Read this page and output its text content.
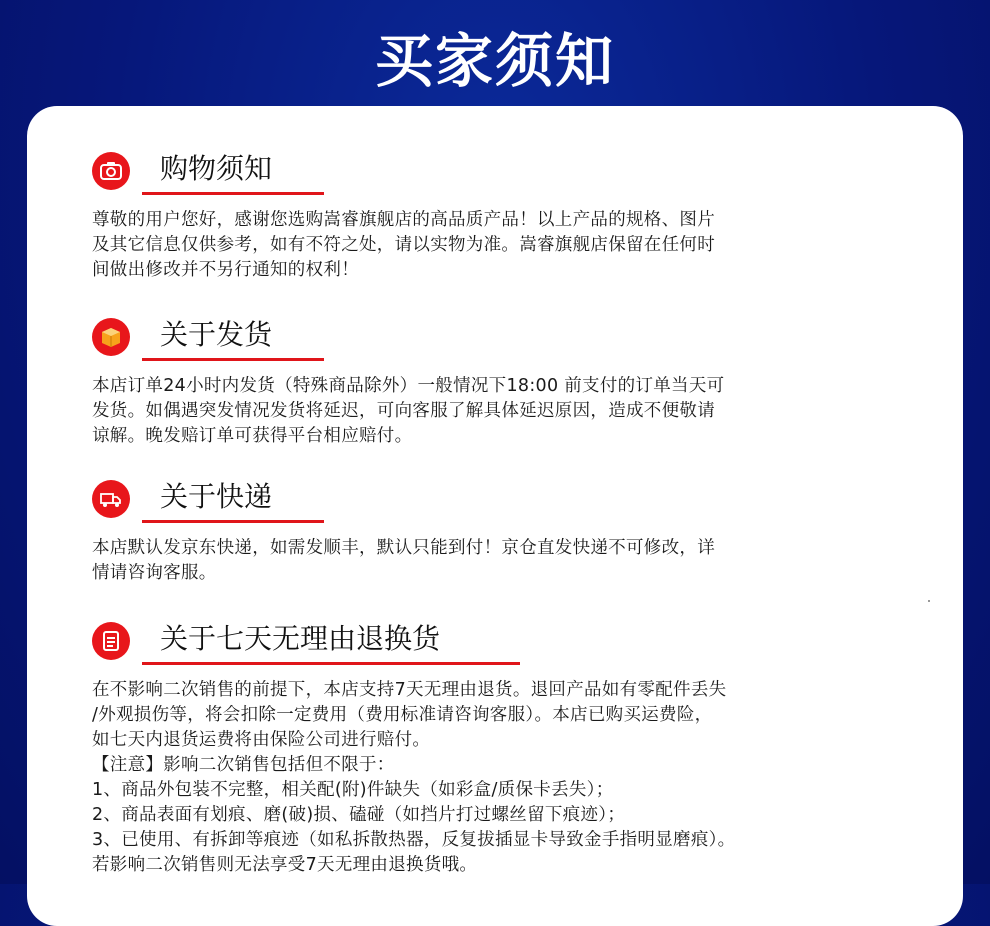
买家须知
购物须知

尊敬的用户您好，感谢您选购嵩睿旗舰店的高品质产品！以上产品的规格、图片

及其它信息仅供参考，如有不符之处，请以实物为准。嵩睿旗舰店保留在任何时

间做出修改并不另行通知的权利！

关于发货

本店订单24小时内发货（特殊商品除外）一般情况下18:00 前支付的订单当天可

发货。如偶遇突发情况发货将延迟，可向客服了解具体延迟原因，造成不便敬请

谅解。晚发赔订单可获得平台相应赔付。

关于快递

本店默认发京东快递，如需发顺丰，默认只能到付！京仓直发快递不可修改，详

情请咨询客服。

关于七天无理由退换货

在不影响二次销售的前提下，本店支持7天无理由退货。退回产品如有零配件丢失

/外观损伤等，将会扣除一定费用（费用标准请咨询客服）。本店已购买运费险，

如七天内退货运费将由保险公司进行赔付。

【注意】影响二次销售包括但不限于：

1、商品外包装不完整，相关配(附)件缺失（如彩盒/质保卡丢失）；

2、商品表面有划痕、磨(破)损、磕碰（如挡片打过螺丝留下痕迹）；

3、已使用、有拆卸等痕迹（如私拆散热器，反复拔插显卡导致金手指明显磨痕）。

若影响二次销售则无法享受7天无理由退换货哦。
